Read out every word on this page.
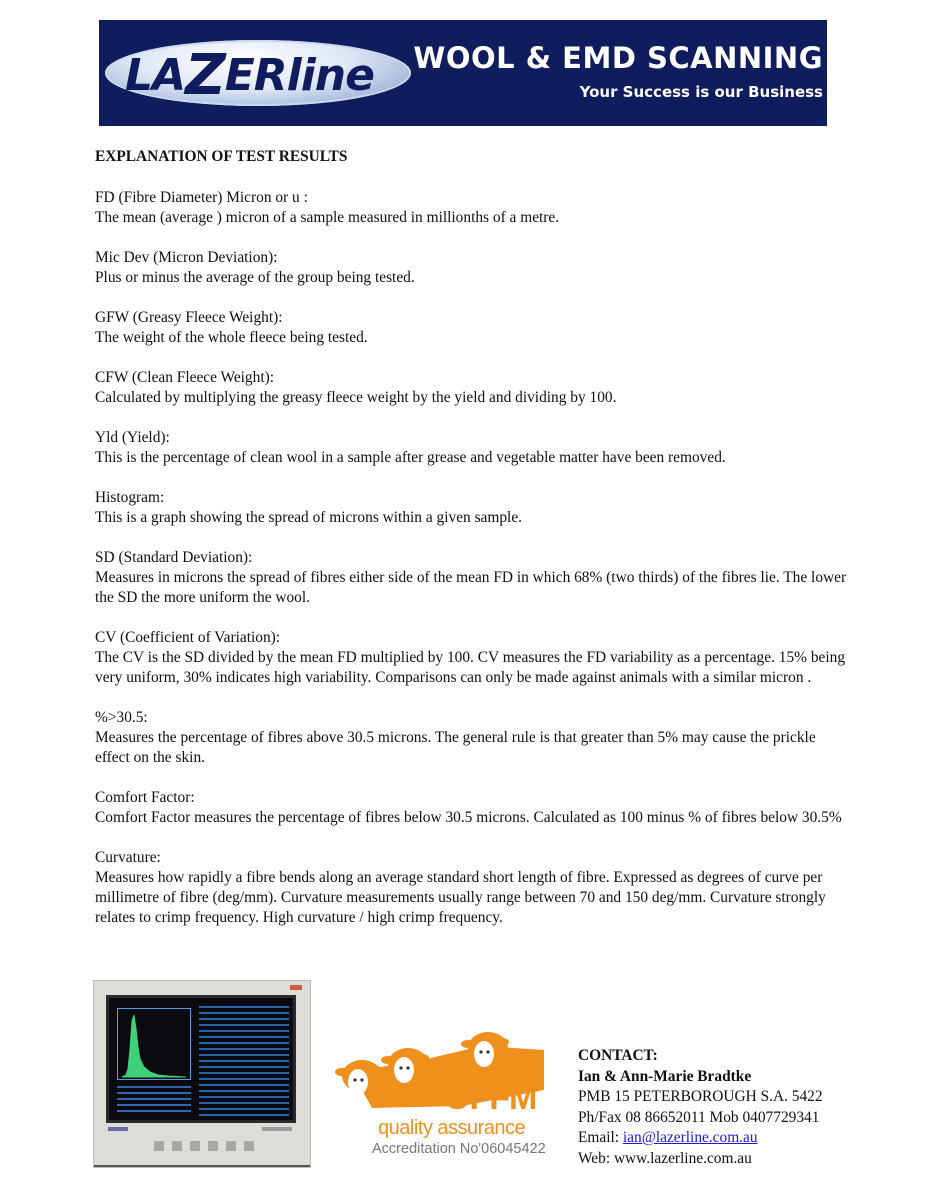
LAZERline	WOOL & EMD SCANNING
Your Success is our Business
EXPLANATION OF TEST RESULTS
FD (Fibre Diameter) Micron or u :
The mean (average ) micron of a sample measured in millionths of a metre.
Mic Dev (Micron Deviation):
Plus or minus the average of the group being tested.
GFW (Greasy Fleece Weight):
The weight of the whole fleece being tested.
CFW (Clean Fleece Weight):
Calculated by multiplying the greasy fleece weight by the yield and dividing by 100.
Yld (Yield):
This is the percentage of clean wool in a sample after grease and vegetable matter have been removed.
Histogram:
This is a graph showing the spread of microns within a given sample.
SD (Standard Deviation):
Measures in microns the spread of fibres either side of the mean FD in which 68% (two thirds) of the fibres lie. The lower the SD the more uniform the wool.
CV (Coefficient of Variation):
The CV is the SD divided by the mean FD multiplied by 100. CV measures the FD variability as a percentage. 15% being very uniform, 30% indicates high variability. Comparisons can only be made against animals with a similar micron .
%>30.5:
Measures the percentage of fibres above 30.5 microns. The general rule is that greater than 5% may cause the prickle effect on the skin.
Comfort Factor:
Comfort Factor measures the percentage of fibres below 30.5 microns. Calculated as 100 minus % of fibres below 30.5%
Curvature:
Measures how rapidly a fibre bends along an average standard short length of fibre. Expressed as degrees of curve per millimetre of fibre (deg/mm). Curvature measurements usually range between 70 and 150 deg/mm. Curvature strongly relates to crimp frequency. High curvature / high crimp frequency.
OFFM
quality assurance
Accreditation No'06045422
CONTACT:
Ian & Ann-Marie Bradtke
PMB 15 PETERBOROUGH S.A. 5422
Ph/Fax 08 86652011 Mob 0407729341
Email: ian@lazerline.com.au
Web: www.lazerline.com.au
